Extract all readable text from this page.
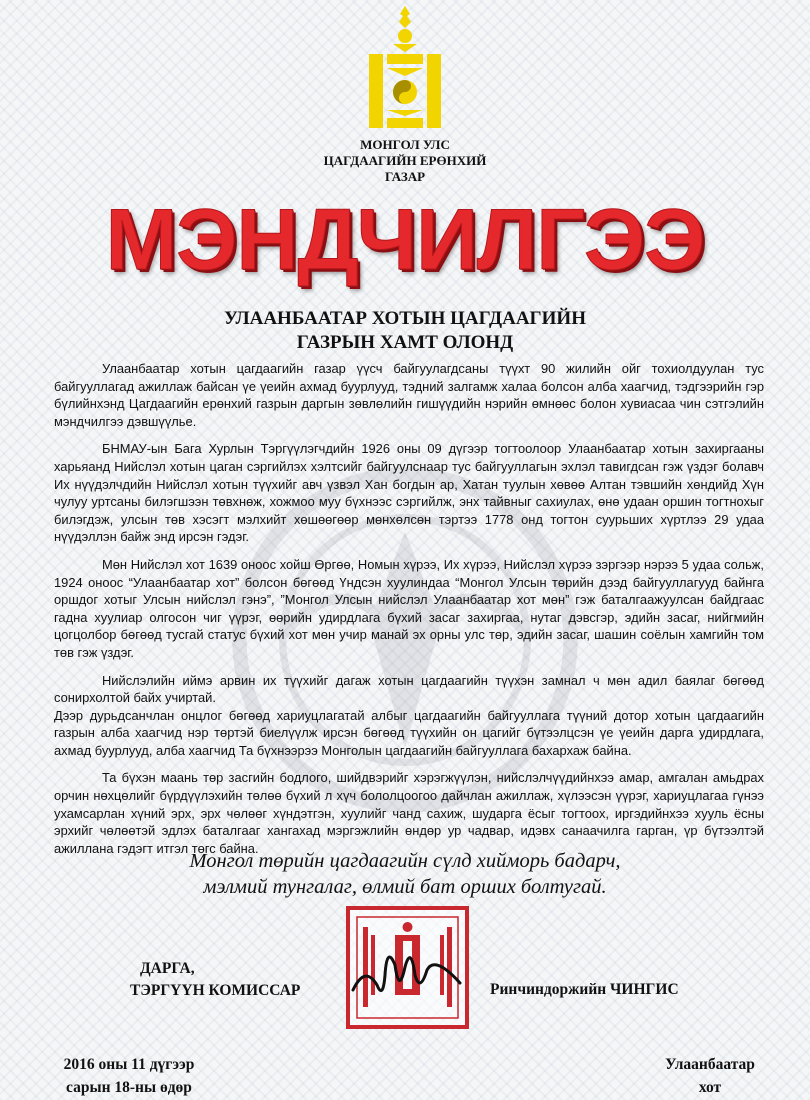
МОНГОЛ УЛС
ЦАГДААГИЙН ЕРӨНХИЙ
ГАЗАР
МЭНДЧИЛГЭЭ
УЛААНБААТАР ХОТЫН ЦАГДААГИЙН
ГАЗРЫН ХАМТ ОЛОНД

Улаанбаатар хотын цагдаагийн газар үүсч байгуулагдсаны түүхт 90 жилийн ойг тохиолдуулан тус байгууллагад ажиллаж байсан үе үеийн ахмад буурлууд, тэдний залгамж халаа болсон алба хаагчид, тэдгээрийн гэр бүлийнхэнд Цагдаагийн ерөнхий газрын даргын зөвлөлийн гишүүдийн нэрийн өмнөөс болон хувиасаа чин сэтгэлийн мэндчилгээ дэвшүүлье.

БНМАУ-ын Бага Хурлын Тэргүүлэгчдийн 1926 оны 09 дүгээр тогтоолоор Улаанбаатар хотын захиргааны харьяанд Нийслэл хотын цаган сэргийлэх хэлтсийг байгуулснаар тус байгууллагын эхлэл тавигдсан гэж үздэг болавч Их нүүдэлчдийн Нийслэл хотын түүхийг авч үзвэл Хан богдын ар, Хатан туулын хөвөө Алтан тэвшийн хөндийд Хүн чулуу уртсаны билэгшээн төвхнөж, хожмоо муу бүхнээс сэргийлж, энх тайвныг сахиулах, өнө удаан оршин тогтнохыг билэгдэж, улсын төв хэсэгт мэлхийт хөшөөгөөр мөнхөлсөн тэртээ 1778 онд тогтон суурьших хүртлээ 29 удаа нүүдэллэн байж энд ирсэн гэдэг.

Мөн Нийслэл хот 1639 оноос хойш Өргөө, Номын хүрээ, Их хүрээ, Нийслэл хүрээ зэргээр нэрээ 5 удаа сольж, 1924 оноос “Улаанбаатар хот” болсон бөгөөд Үндсэн хуулиндаа “Монгол Улсын төрийн дээд байгууллагууд байнга оршдог хотыг Улсын нийслэл гэнэ”, ”Монгол Улсын нийслэл Улаанбаатар хот мөн” гэж баталгаажуулсан байдгаас гадна хуулиар олгосон чиг үүрэг, өөрийн удирдлага бүхий засаг захиргаа, нутаг дэвсгэр, эдийн засаг, нийгмийн цогцолбор бөгөөд тусгай статус бүхий хот мөн учир манай эх орны улс төр, эдийн засаг, шашин соёлын хамгийн том төв гэж үздэг.

Нийслэлийн иймэ арвин их түүхийг дагаж хотын цагдаагийн түүхэн замнал ч мөн адил баялаг бөгөөд сонирхолтой байх учиртай.

Дээр дурьдсанчлан онцлог бөгөөд хариуцлагатай албыг цагдаагийн байгууллага түүний дотор хотын цагдаагийн газрын алба хаагчид нэр төртэй биелүүлж ирсэн бөгөөд түүхийн он цагийг бүтээлцсэн үе үеийн дарга удирдлага, ахмад буурлууд, алба хаагчид Та бүхнээрээ Монголын цагдаагийн байгууллага бахархаж байна.

Та бүхэн маань төр засгийн бодлого, шийдвэрийг хэрэгжүүлэн, нийслэлчүүдийнхээ амар, амгалан амьдрах орчин нөхцөлийг бүрдүүлэхийн төлөө бүхий л хүч бололцоогоо дайчлан ажиллаж, хүлээсэн үүрэг, хариуцлагаа гүнээ ухамсарлан хүний эрх, эрх чөлөөг хүндэтгэн, хуулийг чанд сахиж, шударга ёсыг тогтоох, иргэдийнхээ хууль ёсны эрхийг чөлөөтэй эдлэх баталгааг хангахад мэргэжлийн өндөр ур чадвар, идэвх санаачилга гарган, үр бүтээлтэй ажиллана гэдэгт итгэл төгс байна.

Монгол төрийн цагдаагийн сүлд хийморь бадарч,
мэлмий тунгалаг, өлмий бат орших болтугай.
ДАРГА,
ТЭРГҮҮН КОМИССАР	Ринчиндоржийн ЧИНГИС
2016 оны 11 дүгээр
сарын 18-ны өдөр
Улаанбаатар
хот
